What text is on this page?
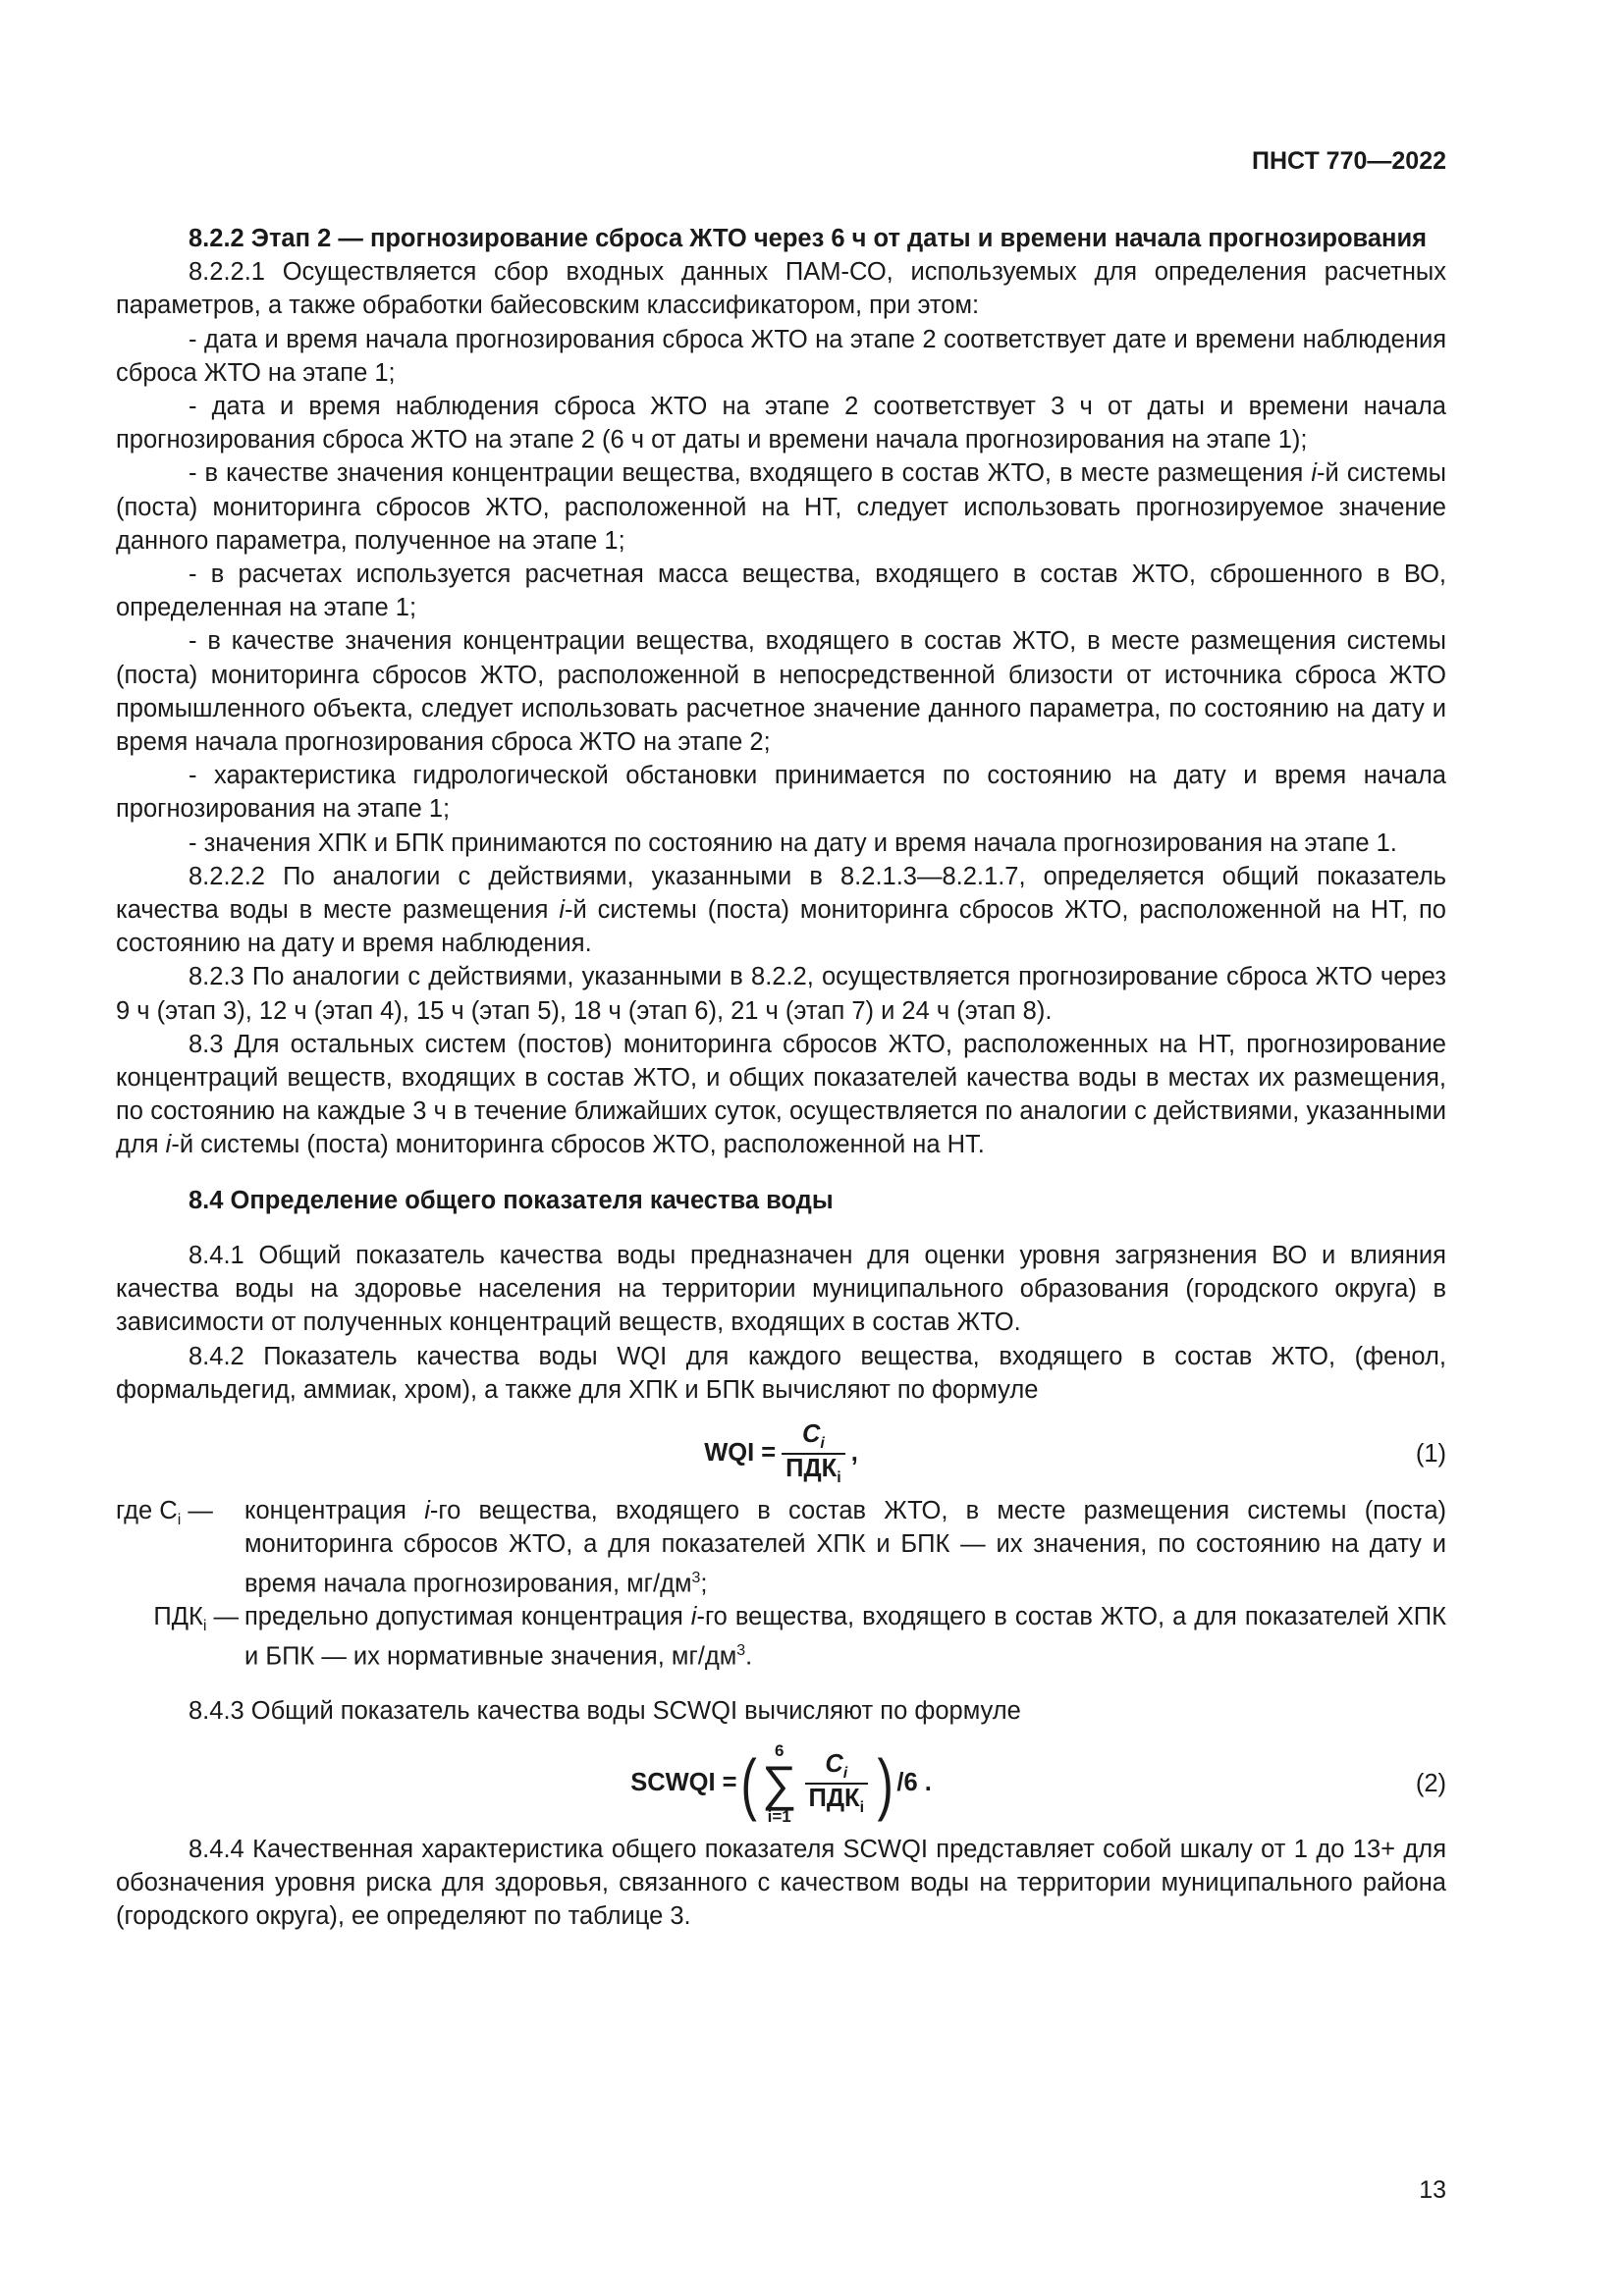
ПНСТ 770—2022

8.2.2 Этап 2 — прогнозирование сброса ЖТО через 6 ч от даты и времени начала прогнозирования

8.2.2.1 Осуществляется сбор входных данных ПАМ-СО, используемых для определения расчетных параметров, а также обработки байесовским классификатором, при этом:

- дата и время начала прогнозирования сброса ЖТО на этапе 2 соответствует дате и времени наблюдения сброса ЖТО на этапе 1;

- дата и время наблюдения сброса ЖТО на этапе 2 соответствует 3 ч от даты и времени начала прогнозирования сброса ЖТО на этапе 2 (6 ч от даты и времени начала прогнозирования на этапе 1);

- в качестве значения концентрации вещества, входящего в состав ЖТО, в месте размещения i-й системы (поста) мониторинга сбросов ЖТО, расположенной на НТ, следует использовать прогнозируемое значение данного параметра, полученное на этапе 1;

- в расчетах используется расчетная масса вещества, входящего в состав ЖТО, сброшенного в ВО, определенная на этапе 1;

- в качестве значения концентрации вещества, входящего в состав ЖТО, в месте размещения системы (поста) мониторинга сбросов ЖТО, расположенной в непосредственной близости от источника сброса ЖТО промышленного объекта, следует использовать расчетное значение данного параметра, по состоянию на дату и время начала прогнозирования сброса ЖТО на этапе 2;

- характеристика гидрологической обстановки принимается по состоянию на дату и время начала прогнозирования на этапе 1;

- значения ХПК и БПК принимаются по состоянию на дату и время начала прогнозирования на этапе 1.

8.2.2.2 По аналогии с действиями, указанными в 8.2.1.3—8.2.1.7, определяется общий показатель качества воды в месте размещения i-й системы (поста) мониторинга сбросов ЖТО, расположенной на НТ, по состоянию на дату и время наблюдения.

8.2.3 По аналогии с действиями, указанными в 8.2.2, осуществляется прогнозирование сброса ЖТО через 9 ч (этап 3), 12 ч (этап 4), 15 ч (этап 5), 18 ч (этап 6), 21 ч (этап 7) и 24 ч (этап 8).

8.3 Для остальных систем (постов) мониторинга сбросов ЖТО, расположенных на НТ, прогнозирование концентраций веществ, входящих в состав ЖТО, и общих показателей качества воды в местах их размещения, по состоянию на каждые 3 ч в течение ближайших суток, осуществляется по аналогии с действиями, указанными для i-й системы (поста) мониторинга сбросов ЖТО, расположенной на НТ.

8.4 Определение общего показателя качества воды

8.4.1 Общий показатель качества воды предназначен для оценки уровня загрязнения ВО и влияния качества воды на здоровье населения на территории муниципального образования (городского округа) в зависимости от полученных концентраций веществ, входящих в состав ЖТО.

8.4.2 Показатель качества воды WQI для каждого вещества, входящего в состав ЖТО, (фенол, формальдегид, аммиак, хром), а также для ХПК и БПК вычисляют по формуле

WQI = $\frac{C_i}{ПДК_i}$ ,	(1)
где $C_i$ —	концентрация i-го вещества, входящего в состав ЖТО, в месте размещения системы (поста) мониторинга сбросов ЖТО, а для показателей ХПК и БПК — их значения, по состоянию на дату и время начала прогнозирования, $мг/дм^3$;
$ПДК_i$ — предельно допустимая концентрация i-го вещества, входящего в состав ЖТО, а для показателей ХПК и БПК — их нормативные значения, $мг/дм^3$.

8.4.3 Общий показатель качества воды SCWQI вычисляют по формуле

SCWQI = ( 6
∑
$i=1 \frac{C_i}{ПДК_i}$ ) /6 .	(2)

8.4.4 Качественная характеристика общего показателя SCWQI представляет собой шкалу от 1 до 13+ для обозначения уровня риска для здоровья, связанного с качеством воды на территории муниципального района (городского округа), ее определяют по таблице 3.

13
